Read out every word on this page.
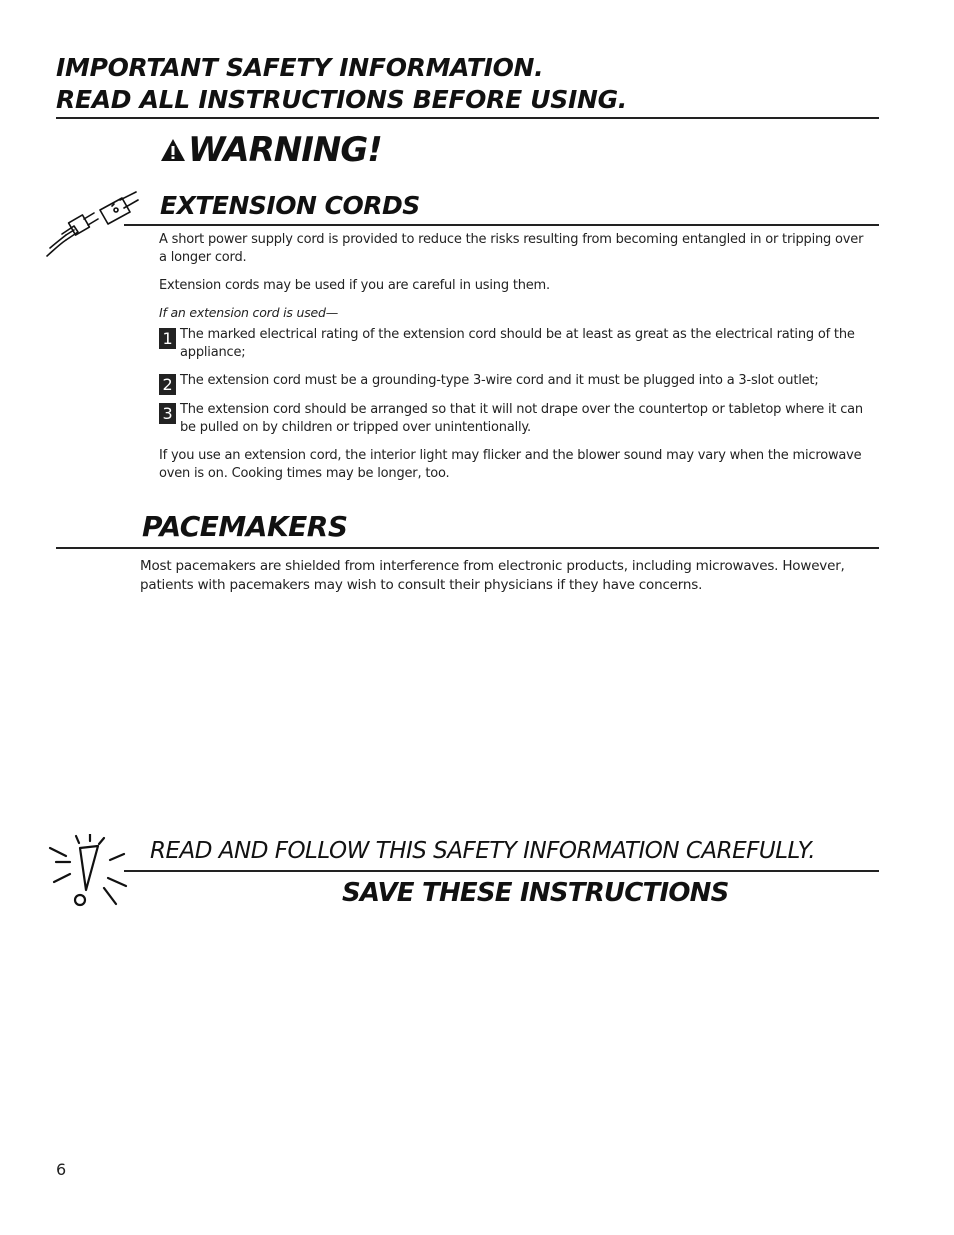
IMPORTANT SAFETY INFORMATION.
READ ALL INSTRUCTIONS BEFORE USING.
WARNING!
EXTENSION CORDS
A short power supply cord is provided to reduce the risks resulting from becoming entangled in or tripping over a longer cord.
Extension cords may be used if you are careful in using them.
If an extension cord is used—
1 The marked electrical rating of the extension cord should be at least as great as the electrical rating of the appliance;
2 The extension cord must be a grounding-type 3-wire cord and it must be plugged into a 3-slot outlet;
3 The extension cord should be arranged so that it will not drape over the countertop or tabletop where it can be pulled on by children or tripped over unintentionally.
If you use an extension cord, the interior light may flicker and the blower sound may vary when the microwave oven is on. Cooking times may be longer, too.
PACEMAKERS
Most pacemakers are shielded from interference from electronic products, including microwaves. However, patients with pacemakers may wish to consult their physicians if they have concerns.
READ AND FOLLOW THIS SAFETY INFORMATION CAREFULLY.
SAVE THESE INSTRUCTIONS
6
